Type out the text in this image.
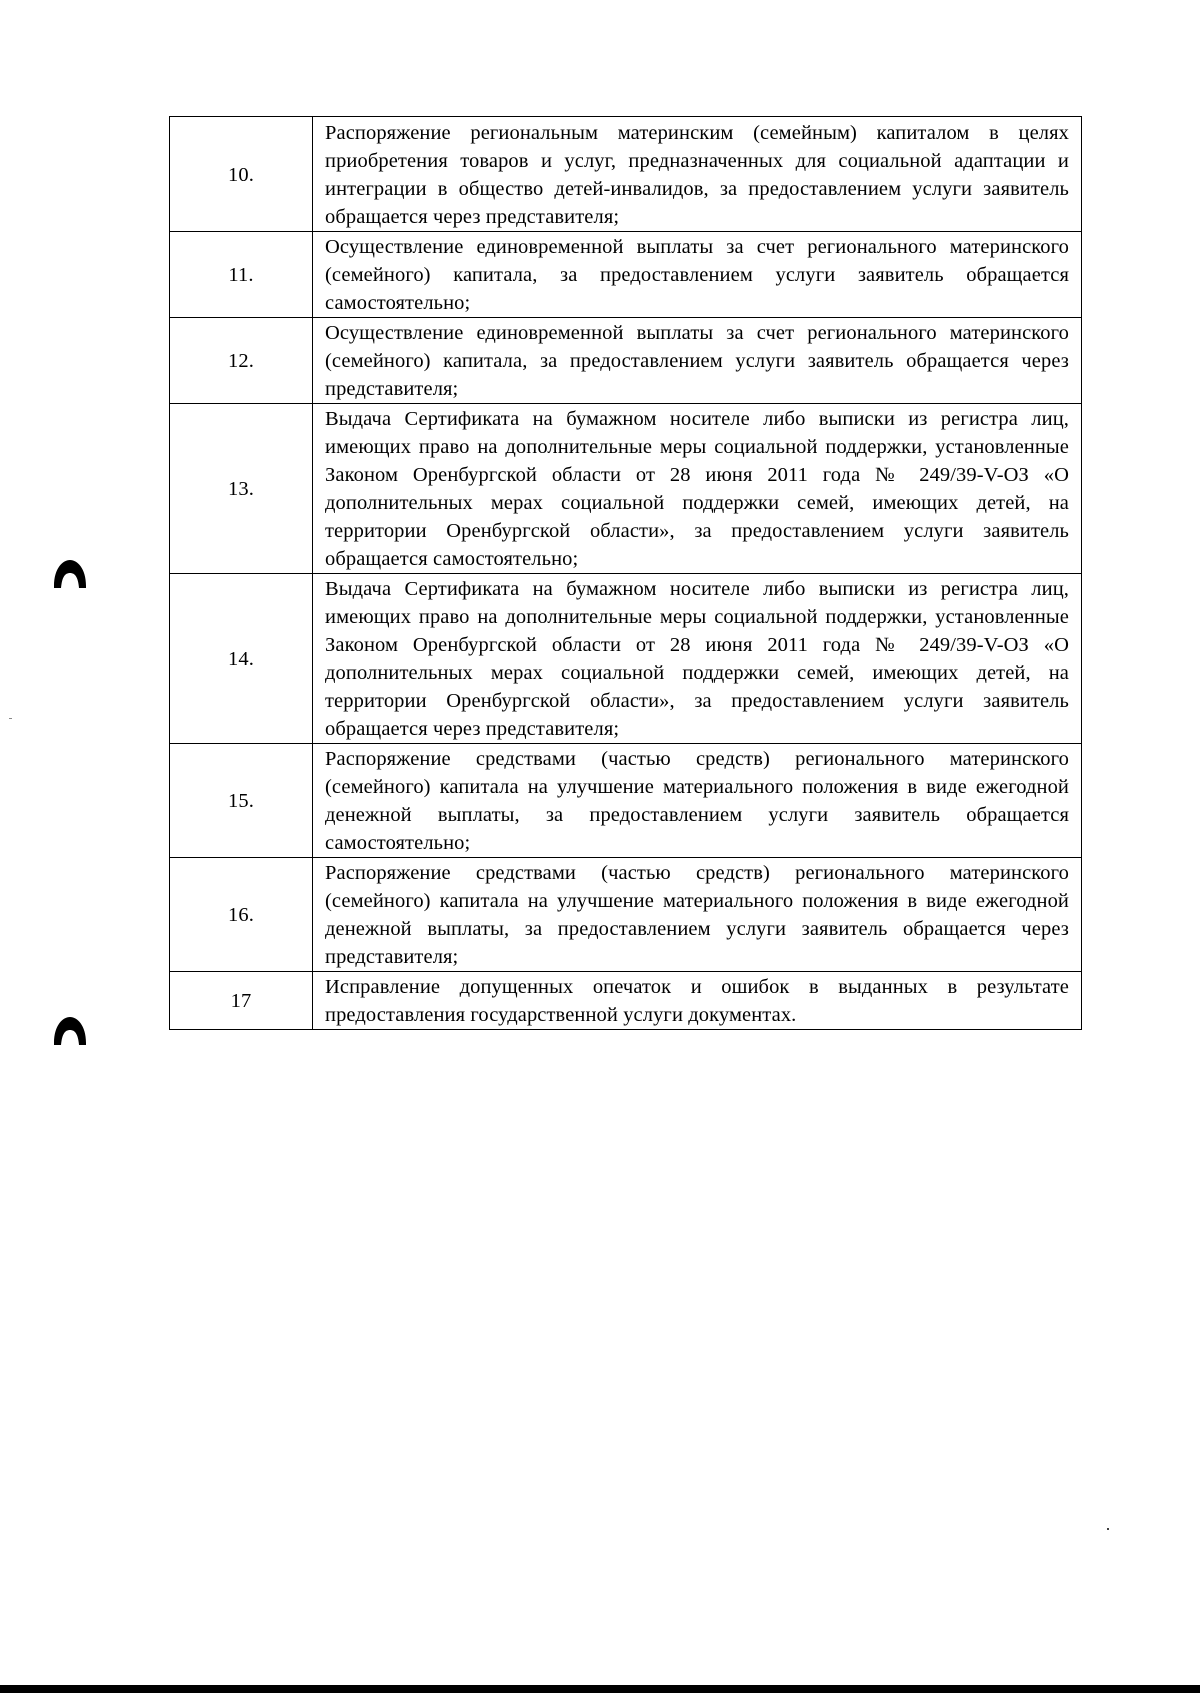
10.	Распоряжение региональным материнским (семейным) капиталом в целях приобретения товаров и услуг, предназначенных для социальной адаптации и интеграции в общество детей-инвалидов, за предоставлением услуги заявитель обращается через представителя;
11.	Осуществление единовременной выплаты за счет регионального материнского (семейного) капитала, за предоставлением услуги заявитель обращается самостоятельно;
12.	Осуществление единовременной выплаты за счет регионального материнского (семейного) капитала, за предоставлением услуги заявитель обращается через представителя;
13.	Выдача Сертификата на бумажном носителе либо выписки из регистра лиц, имеющих право на дополнительные меры социальной поддержки, установленные Законом Оренбургской области от 28 июня 2011 года № 249/39-V-ОЗ «О дополнительных мерах социальной поддержки семей, имеющих детей, на территории Оренбургской области», за предоставлением услуги заявитель обращается самостоятельно;
14.	Выдача Сертификата на бумажном носителе либо выписки из регистра лиц, имеющих право на дополнительные меры социальной поддержки, установленные Законом Оренбургской области от 28 июня 2011 года № 249/39-V-ОЗ «О дополнительных мерах социальной поддержки семей, имеющих детей, на территории Оренбургской области», за предоставлением услуги заявитель обращается через представителя;
15.	Распоряжение средствами (частью средств) регионального материнского (семейного) капитала на улучшение материального положения в виде ежегодной денежной выплаты, за предоставлением услуги заявитель обращается самостоятельно;
16.	Распоряжение средствами (частью средств) регионального материнского (семейного) капитала на улучшение материального положения в виде ежегодной денежной выплаты, за предоставлением услуги заявитель обращается через представителя;
17	Исправление допущенных опечаток и ошибок в выданных в результате предоставления государственной услуги документах.
